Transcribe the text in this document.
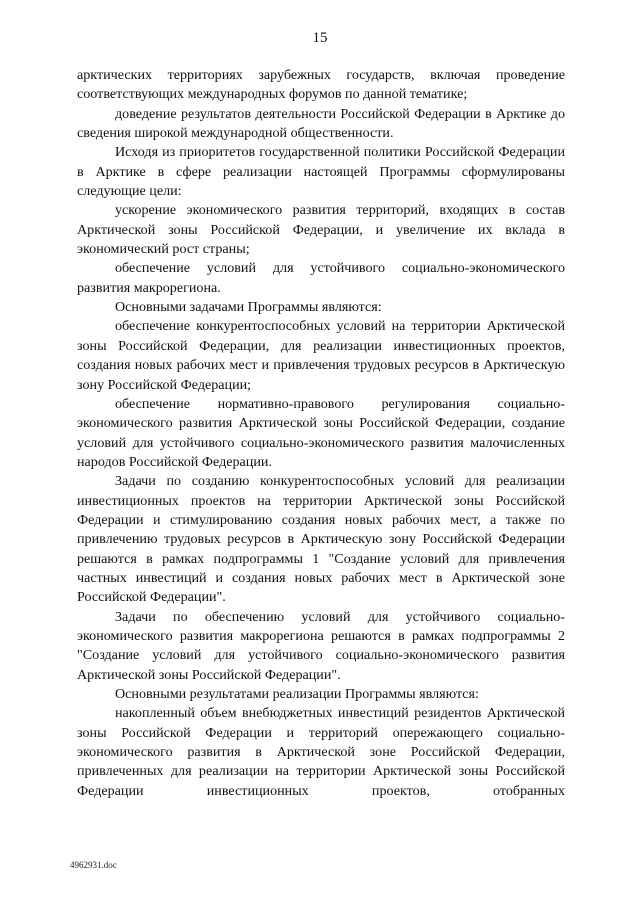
15

арктических территориях зарубежных государств, включая проведение соответствующих международных форумов по данной тематике;

доведение результатов деятельности Российской Федерации в Арктике до сведения широкой международной общественности.

Исходя из приоритетов государственной политики Российской Федерации в Арктике в сфере реализации настоящей Программы сформулированы следующие цели:

ускорение экономического развития территорий, входящих в состав Арктической зоны Российской Федерации, и увеличение их вклада в экономический рост страны;

обеспечение условий для устойчивого социально-экономического развития макрорегиона.

Основными задачами Программы являются:

обеспечение конкурентоспособных условий на территории Арктической зоны Российской Федерации, для реализации инвестиционных проектов, создания новых рабочих мест и привлечения трудовых ресурсов в Арктическую зону Российской Федерации;

обеспечение нормативно-правового регулирования социально-экономического развития Арктической зоны Российской Федерации, создание условий для устойчивого социально-экономического развития малочисленных народов Российской Федерации.

Задачи по созданию конкурентоспособных условий для реализации инвестиционных проектов на территории Арктической зоны Российской Федерации и стимулированию создания новых рабочих мест, а также по привлечению трудовых ресурсов в Арктическую зону Российской Федерации решаются в рамках подпрограммы 1 "Создание условий для привлечения частных инвестиций и создания новых рабочих мест в Арктической зоне Российской Федерации".

Задачи по обеспечению условий для устойчивого социально-экономического развития макрорегиона решаются в рамках подпрограммы 2 "Создание условий для устойчивого социально-экономического развития Арктической зоны Российской Федерации".

Основными результатами реализации Программы являются:

накопленный объем внебюджетных инвестиций резидентов Арктической зоны Российской Федерации и территорий опережающего социально-экономического развития в Арктической зоне Российской Федерации, привлеченных для реализации на территории Арктической зоны Российской Федерации инвестиционных проектов, отобранных

4962931.doc
